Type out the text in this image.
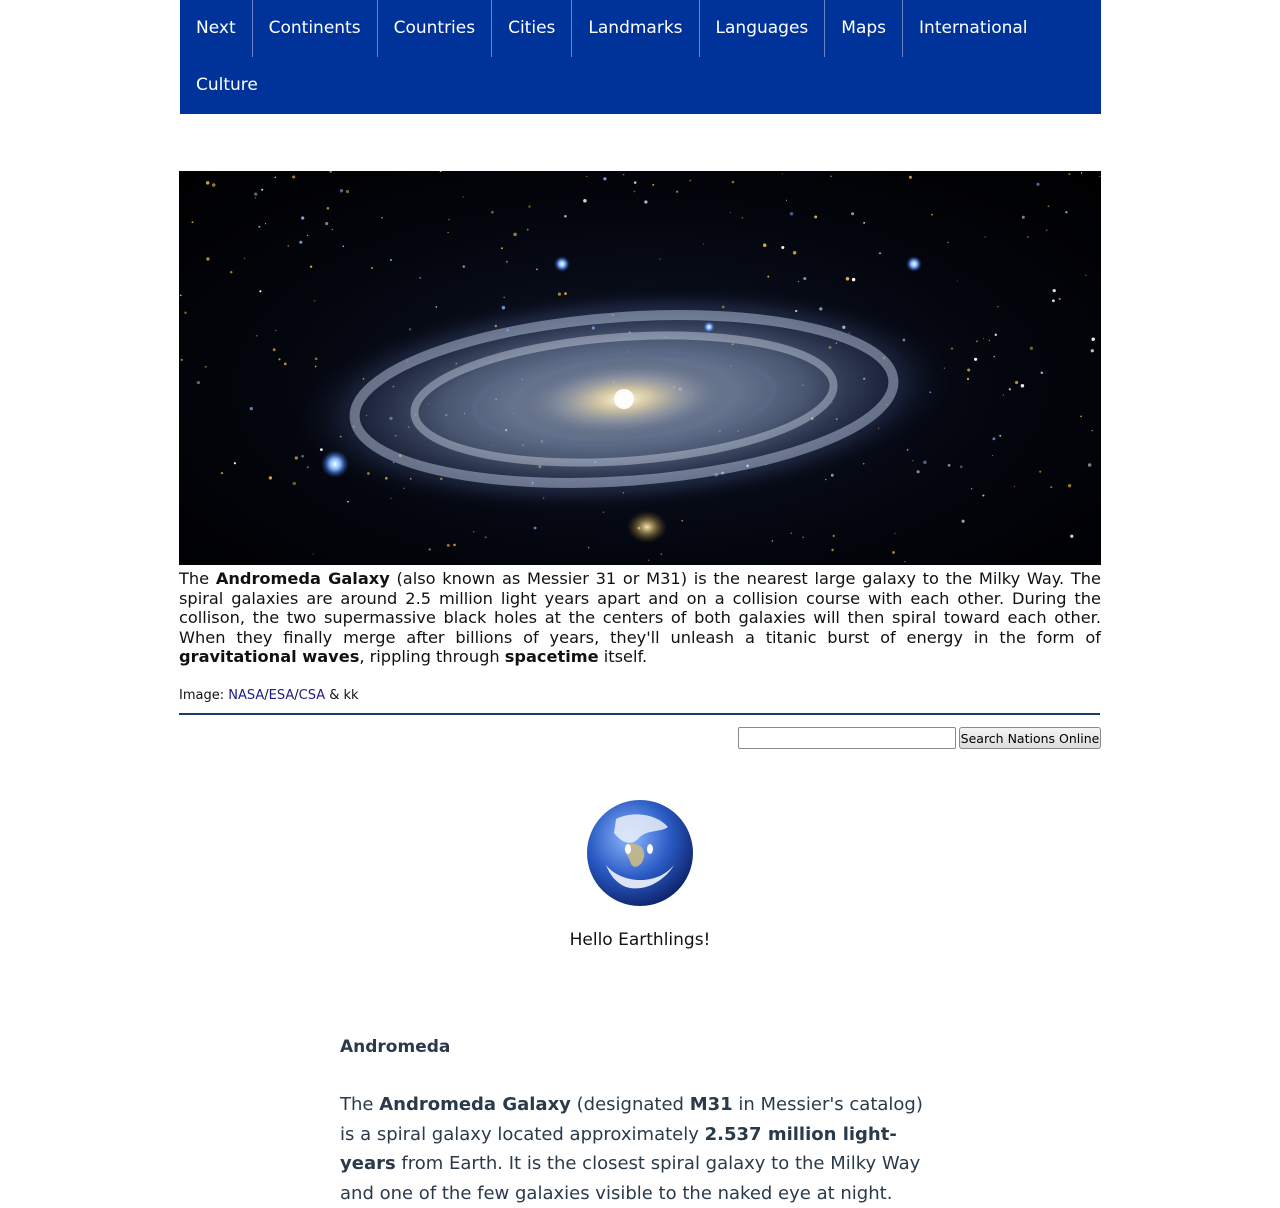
Next	Continents	Countries	Cities	Landmarks	Languages	Maps	International
Culture

The Andromeda Galaxy (also known as Messier 31 or M31) is the nearest large galaxy to the Milky Way. The spiral galaxies are around 2.5 million light years apart and on a collision course with each other. During the collison, the two supermassive black holes at the centers of both galaxies will then spiral toward each other. When they finally merge after billions of years, they'll unleash a titanic burst of energy in the form of gravitational waves, rippling through spacetime itself.

Image: NASA/ESA/CSA & kk
Search Nations Online
Hello Earthlings!
Andromeda

The Andromeda Galaxy (designated M31 in Messier's catalog) is a spiral galaxy located approximately 2.537 million light-years from Earth. It is the closest spiral galaxy to the Milky Way and one of the few galaxies visible to the naked eye at night.
